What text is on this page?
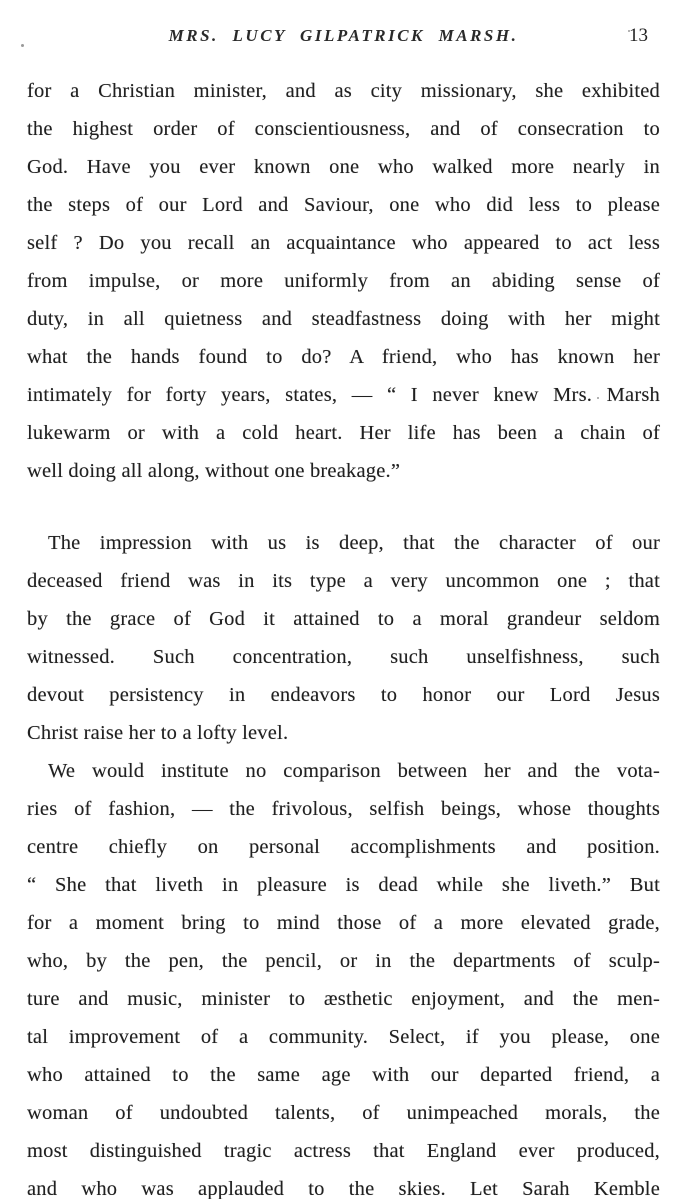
MRS. LUCY GILPATRICK MARSH.	13
for a Christian minister, and as city missionary, she exhibited
the highest order of conscientiousness, and of consecration to
God. Have you ever known one who walked more nearly in
the steps of our Lord and Saviour, one who did less to please
self ? Do you recall an acquaintance who appeared to act less
from impulse, or more uniformly from an abiding sense of
duty, in all quietness and steadfastness doing with her might
what the hands found to do? A friend, who has known her
intimately for forty years, states, — “ I never knew Mrs. Marsh
lukewarm or with a cold heart. Her life has been a chain of
well doing all along, without one breakage.”
The impression with us is deep, that the character of our
deceased friend was in its type a very uncommon one ; that
by the grace of God it attained to a moral grandeur seldom
witnessed. Such concentration, such unselfishness, such
devout persistency in endeavors to honor our Lord Jesus
Christ raise her to a lofty level.
We would institute no comparison between her and the vota-
ries of fashion, — the frivolous, selfish beings, whose thoughts
centre chiefly on personal accomplishments and position.
“ She that liveth in pleasure is dead while she liveth.” But
for a moment bring to mind those of a more elevated grade,
who, by the pen, the pencil, or in the departments of sculp-
ture and music, minister to æsthetic enjoyment, and the men-
tal improvement of a community. Select, if you please, one
who attained to the same age with our departed friend, a
woman of undoubted talents, of unimpeached morals, the
most distinguished tragic actress that England ever produced,
and who was applauded to the skies. Let Sarah Kemble
